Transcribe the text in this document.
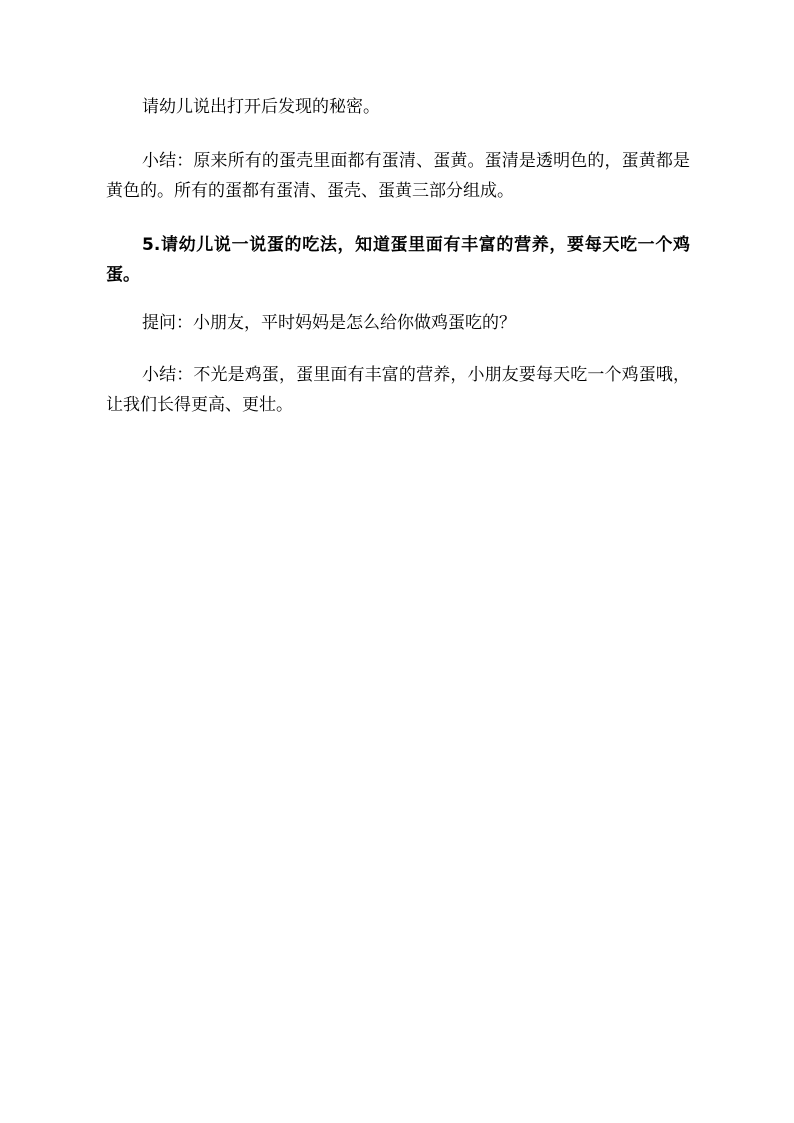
请幼儿说出打开后发现的秘密。

小结：原来所有的蛋壳里面都有蛋清、蛋黄。蛋清是透明色的，蛋黄都是黄色的。所有的蛋都有蛋清、蛋壳、蛋黄三部分组成。

5.请幼儿说一说蛋的吃法，知道蛋里面有丰富的营养，要每天吃一个鸡蛋。

提问：小朋友，平时妈妈是怎么给你做鸡蛋吃的？

小结：不光是鸡蛋，蛋里面有丰富的营养，小朋友要每天吃一个鸡蛋哦，让我们长得更高、更壮。
